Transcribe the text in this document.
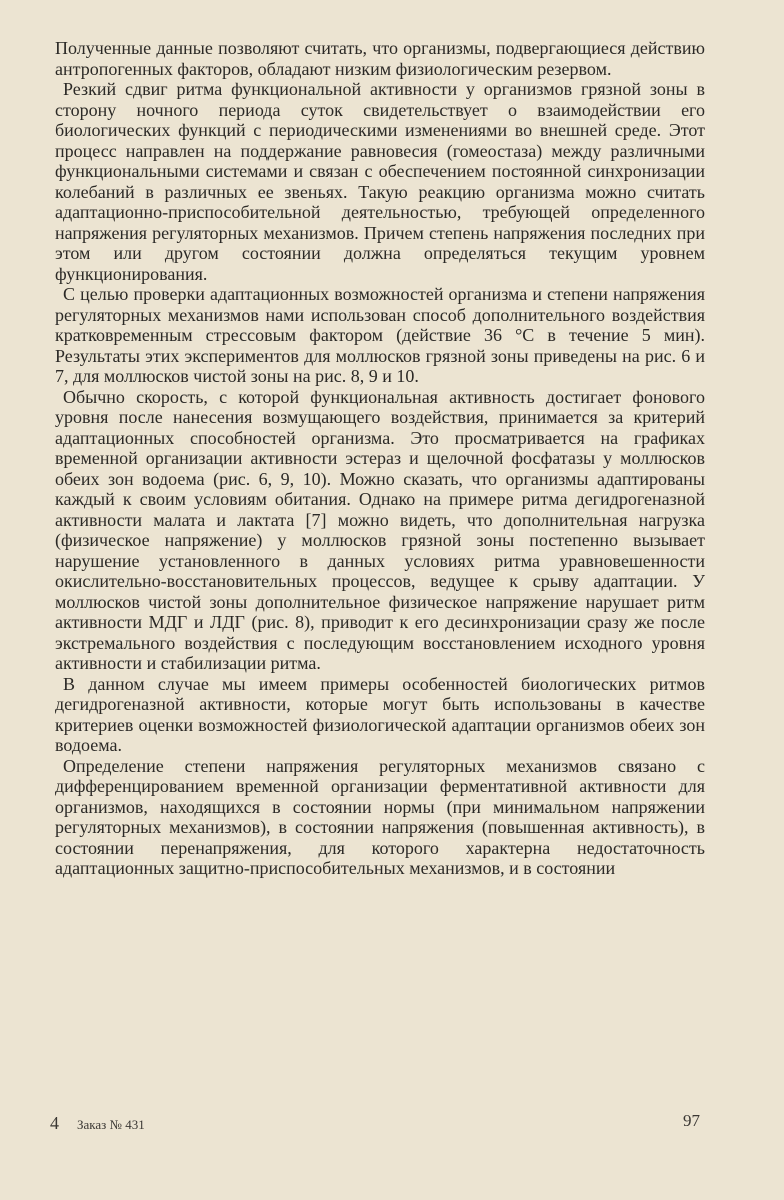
Полученные данные позволяют считать, что организмы, подвергающиеся действию антропогенных факторов, обладают низким физиологическим резервом.

Резкий сдвиг ритма функциональной активности у организмов грязной зоны в сторону ночного периода суток свидетельствует о взаимодействии его биологических функций с периодическими изменениями во внешней среде. Этот процесс направлен на поддержание равновесия (гомеостаза) между различными функциональными системами и связан с обеспечением постоянной синхронизации колебаний в различных ее звеньях. Такую реакцию организма можно считать адаптационно-приспособительной деятельностью, требующей определенного напряжения регуляторных механизмов. Причем степень напряжения последних при этом или другом состоянии должна определяться текущим уровнем функционирования.

С целью проверки адаптационных возможностей организма и степени напряжения регуляторных механизмов нами использован способ дополнительного воздействия кратковременным стрессовым фактором (действие 36 °С в течение 5 мин). Результаты этих экспериментов для моллюсков грязной зоны приведены на рис. 6 и 7, для моллюсков чистой зоны на рис. 8, 9 и 10.

Обычно скорость, с которой функциональная активность достигает фонового уровня после нанесения возмущающего воздействия, принимается за критерий адаптационных способностей организма. Это просматривается на графиках временной организации активности эстераз и щелочной фосфатазы у моллюсков обеих зон водоема (рис. 6, 9, 10). Можно сказать, что организмы адаптированы каждый к своим условиям обитания. Однако на примере ритма дегидрогеназной активности малата и лактата [7] можно видеть, что дополнительная нагрузка (физическое напряжение) у моллюсков грязной зоны постепенно вызывает нарушение установленного в данных условиях ритма уравновешенности окислительно-восстановительных процессов, ведущее к срыву адаптации. У моллюсков чистой зоны дополнительное физическое напряжение нарушает ритм активности МДГ и ЛДГ (рис. 8), приводит к его десинхронизации сразу же после экстремального воздействия с последующим восстановлением исходного уровня активности и стабилизации ритма.

В данном случае мы имеем примеры особенностей биологических ритмов дегидрогеназной активности, которые могут быть использованы в качестве критериев оценки возможностей физиологической адаптации организмов обеих зон водоема.

Определение степени напряжения регуляторных механизмов связано с дифференцированием временной организации ферментативной активности для организмов, находящихся в состоянии нормы (при минимальном напряжении регуляторных механизмов), в состоянии напряжения (повышенная активность), в состоянии перенапряжения, для которого характерна недостаточность адаптационных защитно-приспособительных механизмов, и в состоянии

4 Заказ № 431	97
